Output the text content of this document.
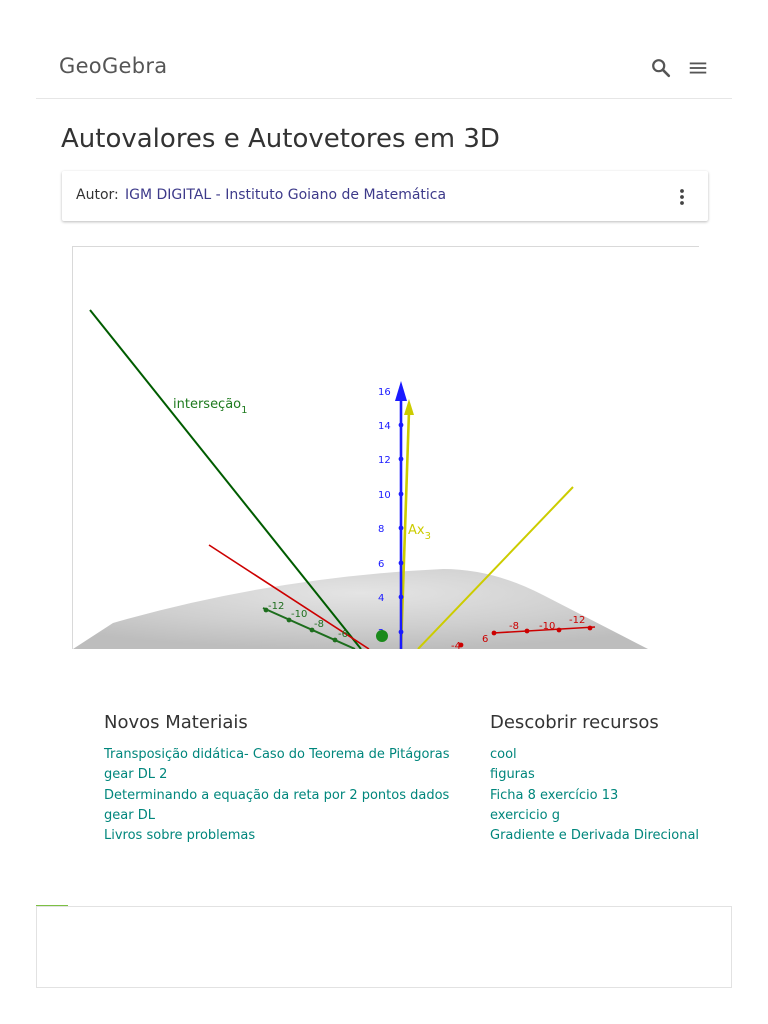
GeoGebra
Autovalores e Autovetores em 3D
Autor: IGM DIGITAL - Instituto Goiano de Matemática
16
14
12
10
8
6
4
-12
-10
-8
-6
-12
-10
-8
6
-4
interseção$_1$
$Ax_3$
Novos Materiais
Transposição didática- Caso do Teorema de Pitágoras
gear DL 2
Determinando a equação da reta por 2 pontos dados
gear DL
Livros sobre problemas
Descobrir recursos
cool
figuras
Ficha 8 exercício 13
exercicio g
Gradiente e Derivada Direcional
